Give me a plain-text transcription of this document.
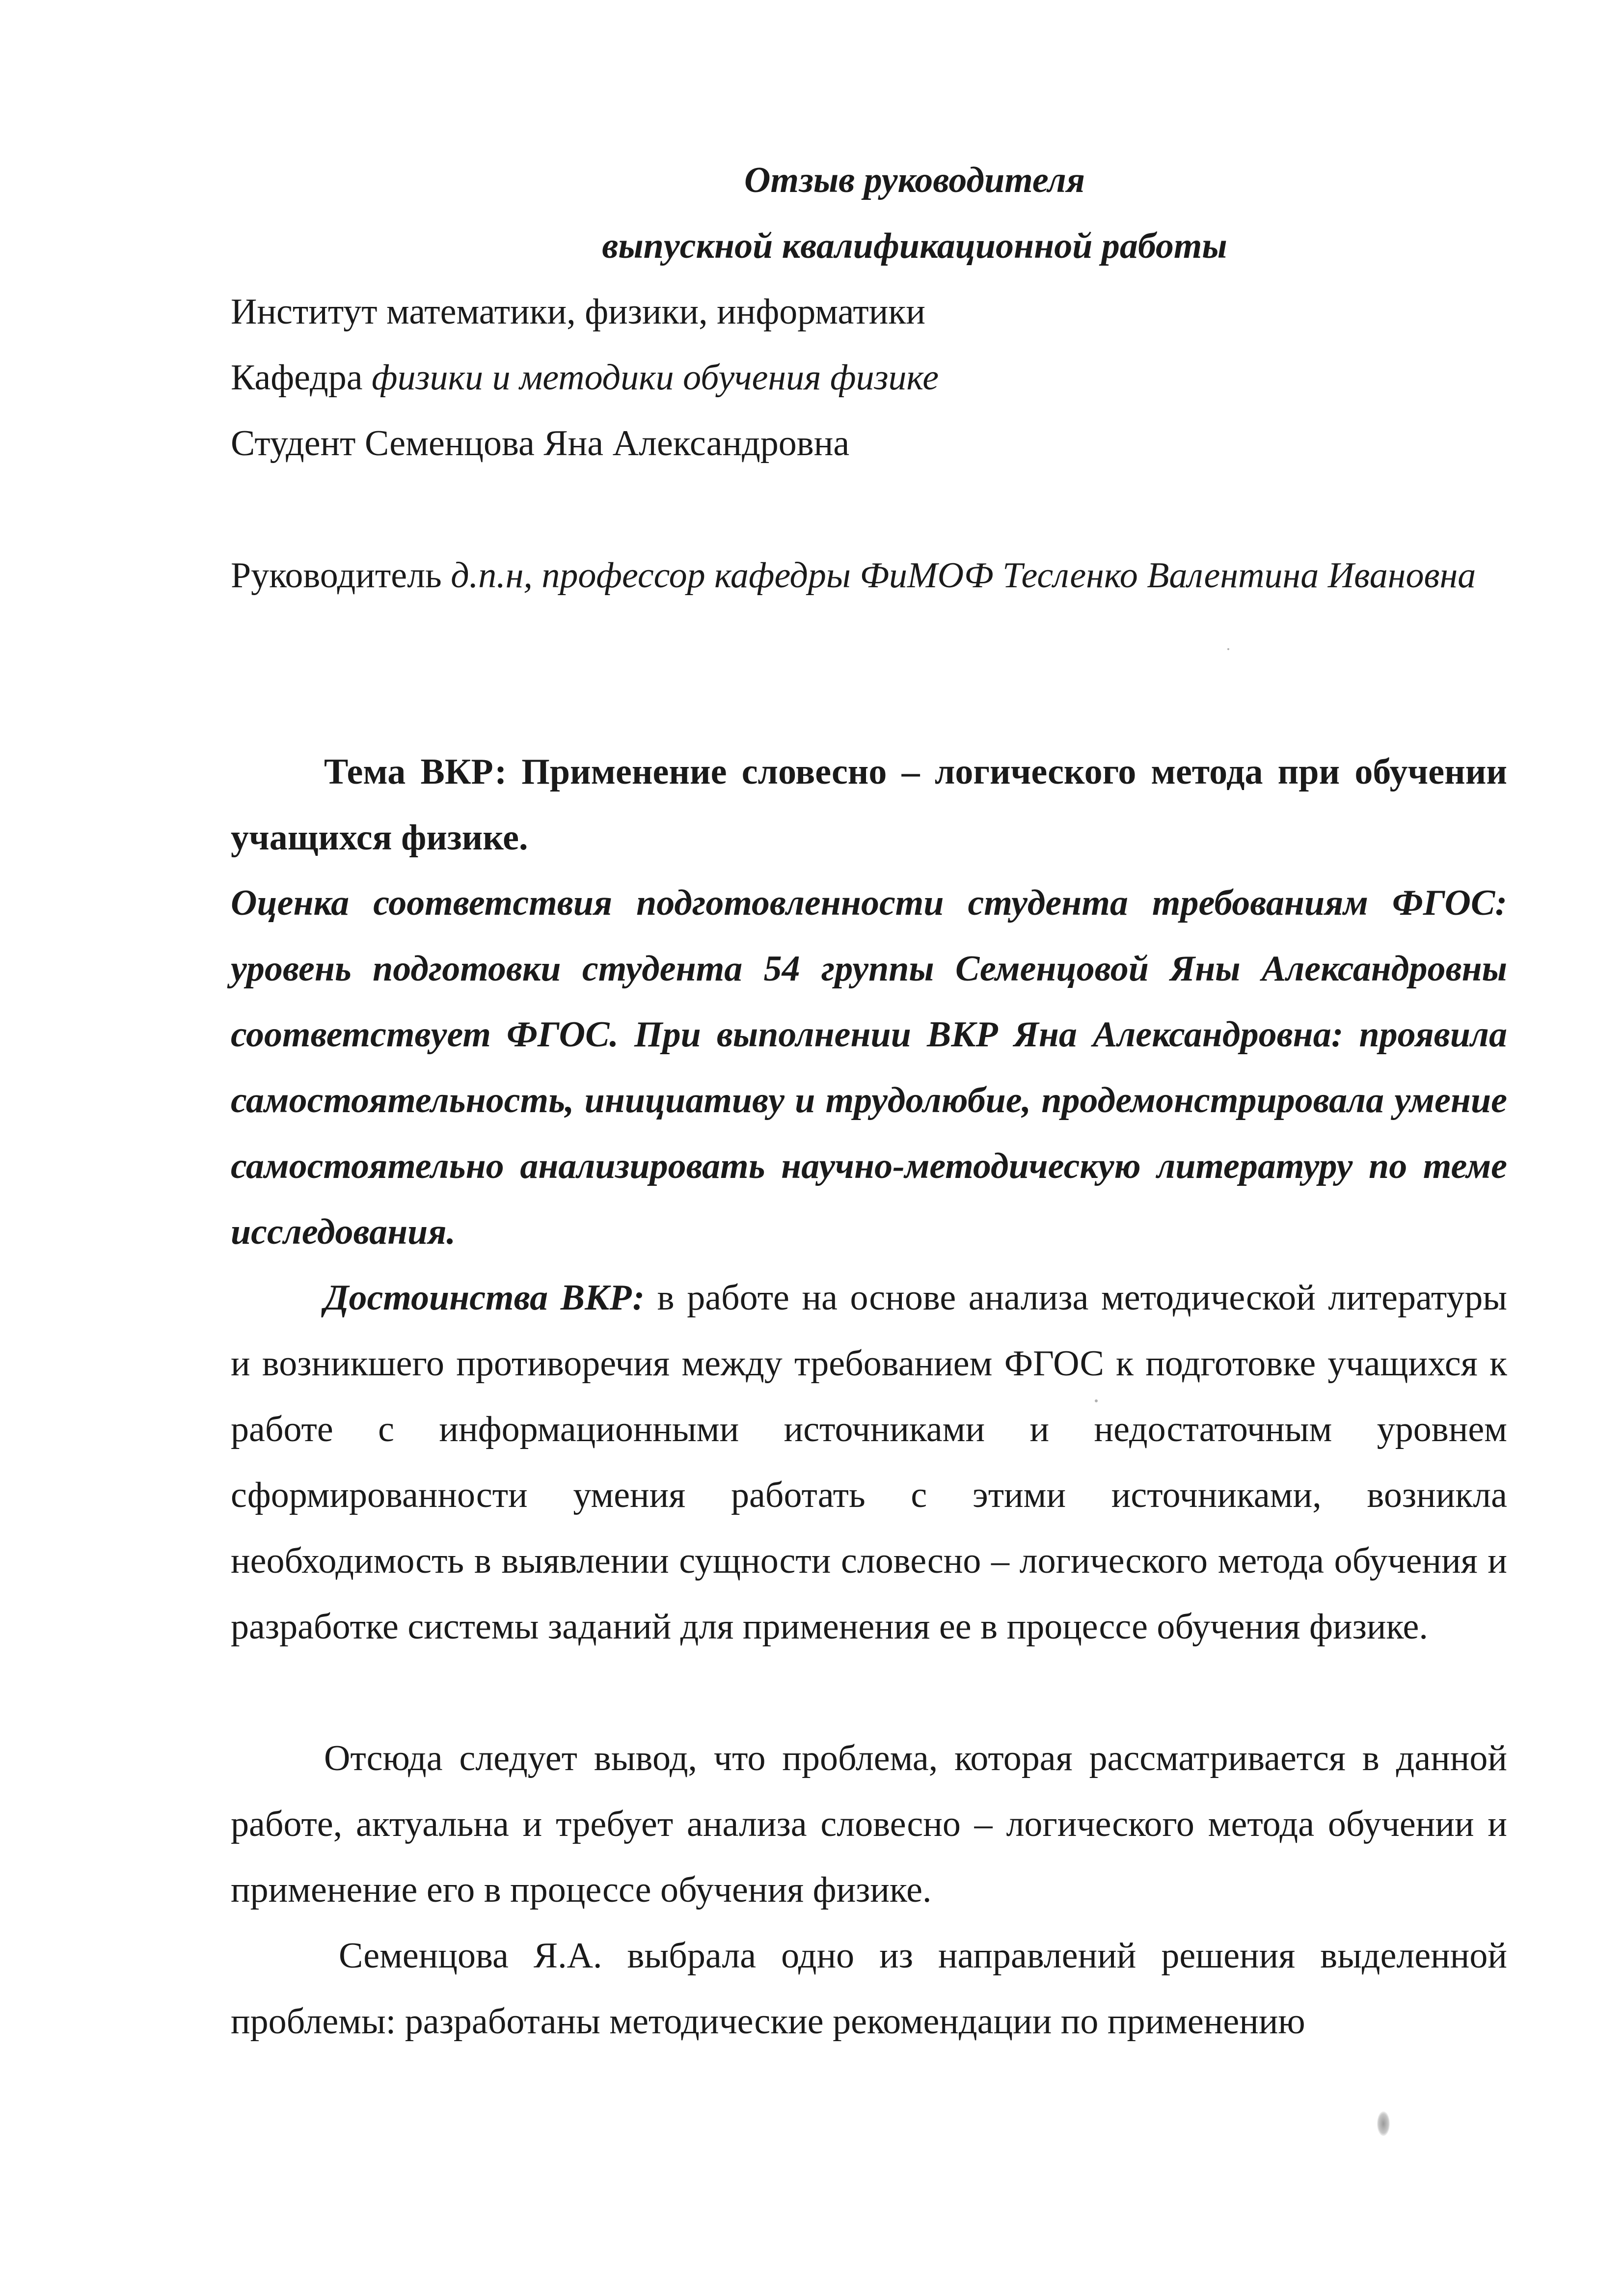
Отзыв руководителя
выпускной квалификационной работы
Институт математики, физики, информатики
Кафедра физики и методики обучения физике
Студент Семенцова Яна Александровна
Руководитель д.п.н, профессор кафедры ФиМОФ Тесленко Валентина Ивановна
Тема ВКР: Применение словесно – логического метода при обучении учащихся физике.
Оценка соответствия подготовленности студента требованиям ФГОС: уровень подготовки студента 54 группы Семенцовой Яны Александровны соответствует ФГОС. При выполнении ВКР Яна Александровна: проявила самостоятельность, инициативу и трудолюбие, продемонстрировала умение самостоятельно анализировать научно-методическую литературу по теме исследования.
Достоинства ВКР: в работе на основе анализа методической литературы и возникшего противоречия между требованием ФГОС к подготовке учащихся к работе с информационными источниками и недостаточным уровнем сформированности умения работать с этими источниками, возникла необходимость в выявлении сущности словесно – логического метода обучения и разработке системы заданий для применения ее в процессе обучения физике.
Отсюда следует вывод, что проблема, которая рассматривается в данной работе, актуальна и требует анализа словесно – логического метода обучении и применение его в процессе обучения физике.
Семенцова Я.А. выбрала одно из направлений решения выделенной проблемы: разработаны методические рекомендации по применению
